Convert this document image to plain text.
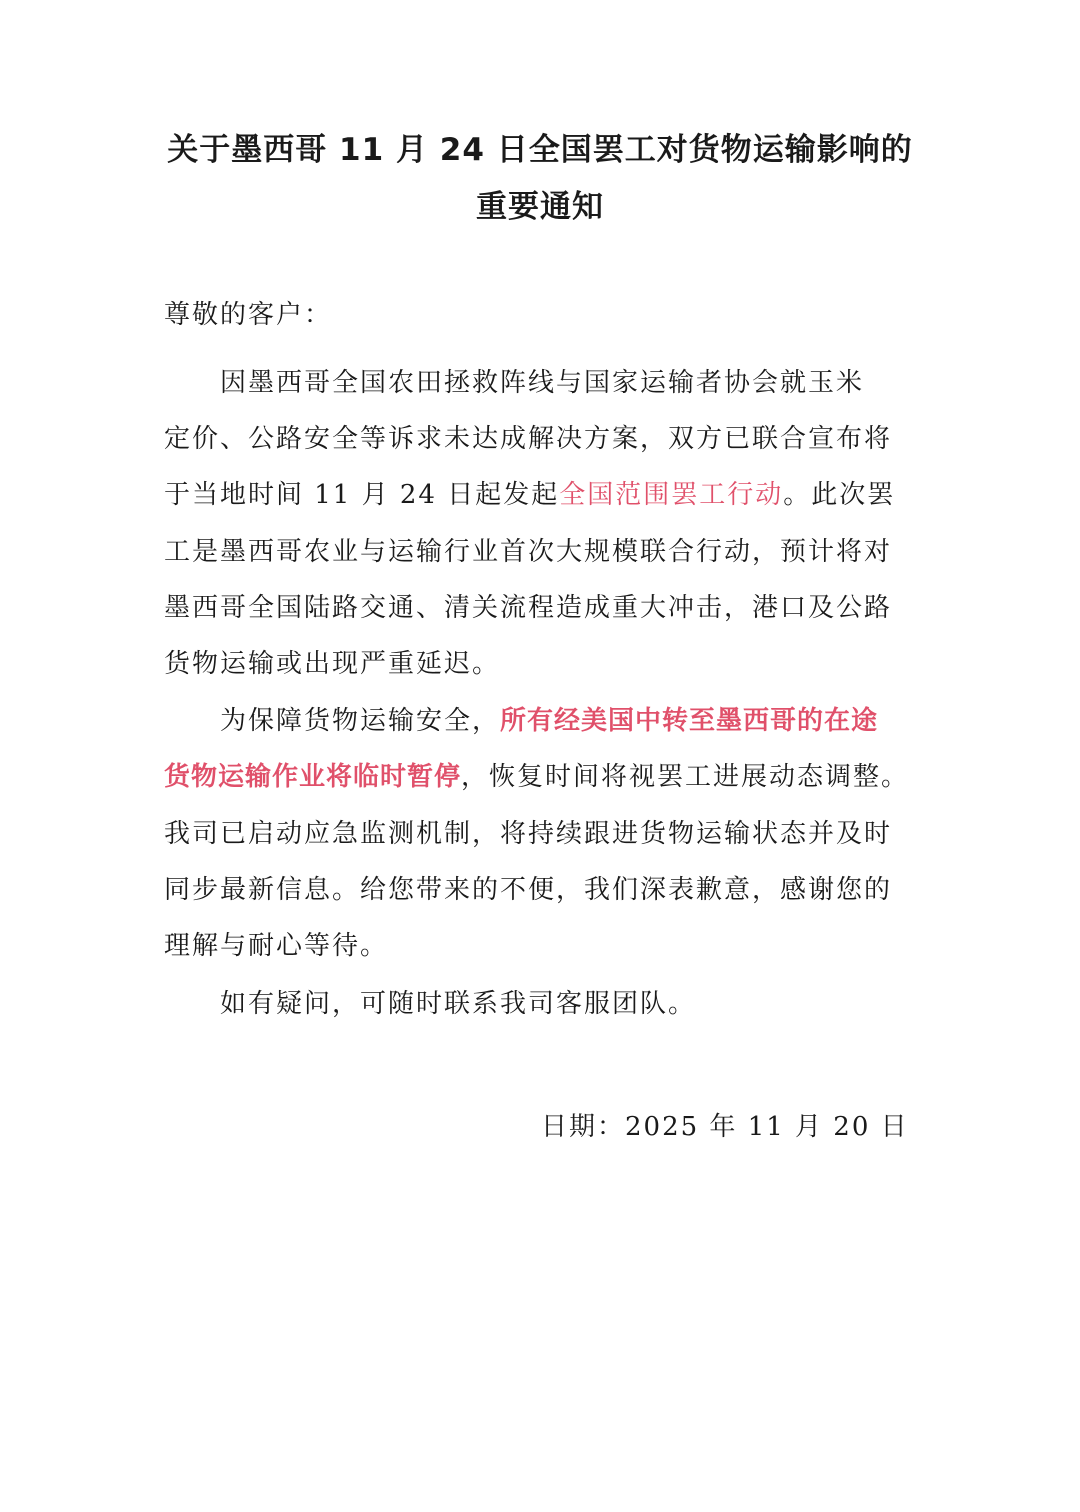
关于墨西哥 11 月 24 日全国罢工对货物运输影响的
重要通知
尊敬的客户：
因墨西哥全国农田拯救阵线与国家运输者协会就玉米
定价、公路安全等诉求未达成解决方案，双方已联合宣布将
于当地时间 11 月 24 日起发起全国范围罢工行动。此次罢
工是墨西哥农业与运输行业首次大规模联合行动，预计将对
墨西哥全国陆路交通、清关流程造成重大冲击，港口及公路
货物运输或出现严重延迟。
为保障货物运输安全，所有经美国中转至墨西哥的在途
货物运输作业将临时暂停，恢复时间将视罢工进展动态调整。
我司已启动应急监测机制，将持续跟进货物运输状态并及时
同步最新信息。给您带来的不便，我们深表歉意，感谢您的
理解与耐心等待。
如有疑问，可随时联系我司客服团队。
日期：2025 年 11 月 20 日
